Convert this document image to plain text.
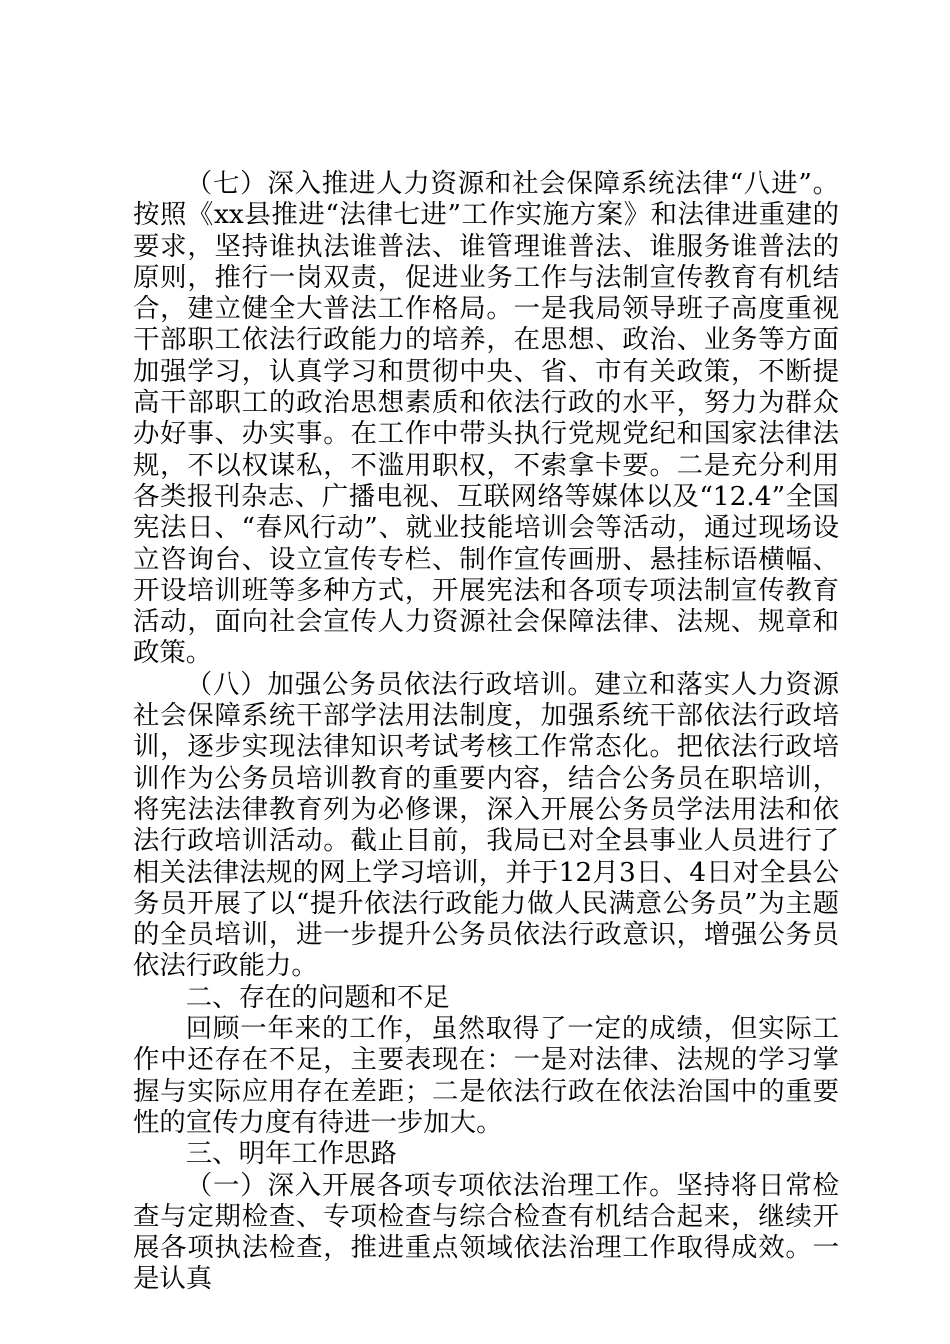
（七）深入推进人力资源和社会保障系统法律“八进”。按照《xx县推进“法律七进”工作实施方案》和法律进重建的要求，坚持谁执法谁普法、谁管理谁普法、谁服务谁普法的原则，推行一岗双责，促进业务工作与法制宣传教育有机结合，建立健全大普法工作格局。一是我局领导班子高度重视干部职工依法行政能力的培养，在思想、政治、业务等方面加强学习，认真学习和贯彻中央、省、市有关政策，不断提高干部职工的政治思想素质和依法行政的水平，努力为群众办好事、办实事。在工作中带头执行党规党纪和国家法律法规，不以权谋私，不滥用职权，不索拿卡要。二是充分利用各类报刊杂志、广播电视、互联网络等媒体以及“12.4”全国宪法日、“春风行动”、就业技能培训会等活动，通过现场设立咨询台、设立宣传专栏、制作宣传画册、悬挂标语横幅、开设培训班等多种方式，开展宪法和各项专项法制宣传教育活动，面向社会宣传人力资源社会保障法律、法规、规章和政策。

（八）加强公务员依法行政培训。建立和落实人力资源社会保障系统干部学法用法制度，加强系统干部依法行政培训，逐步实现法律知识考试考核工作常态化。把依法行政培训作为公务员培训教育的重要内容，结合公务员在职培训，将宪法法律教育列为必修课，深入开展公务员学法用法和依法行政培训活动。截止目前，我局已对全县事业人员进行了相关法律法规的网上学习培训，并于12月3日、4日对全县公务员开展了以“提升依法行政能力做人民满意公务员”为主题的全员培训，进一步提升公务员依法行政意识，增强公务员依法行政能力。

二、存在的问题和不足

回顾一年来的工作，虽然取得了一定的成绩，但实际工作中还存在不足，主要表现在：一是对法律、法规的学习掌握与实际应用存在差距；二是依法行政在依法治国中的重要性的宣传力度有待进一步加大。

三、明年工作思路

（一）深入开展各项专项依法治理工作。坚持将日常检查与定期检查、专项检查与综合检查有机结合起来，继续开展各项执法检查，推进重点领域依法治理工作取得成效。一是认真
